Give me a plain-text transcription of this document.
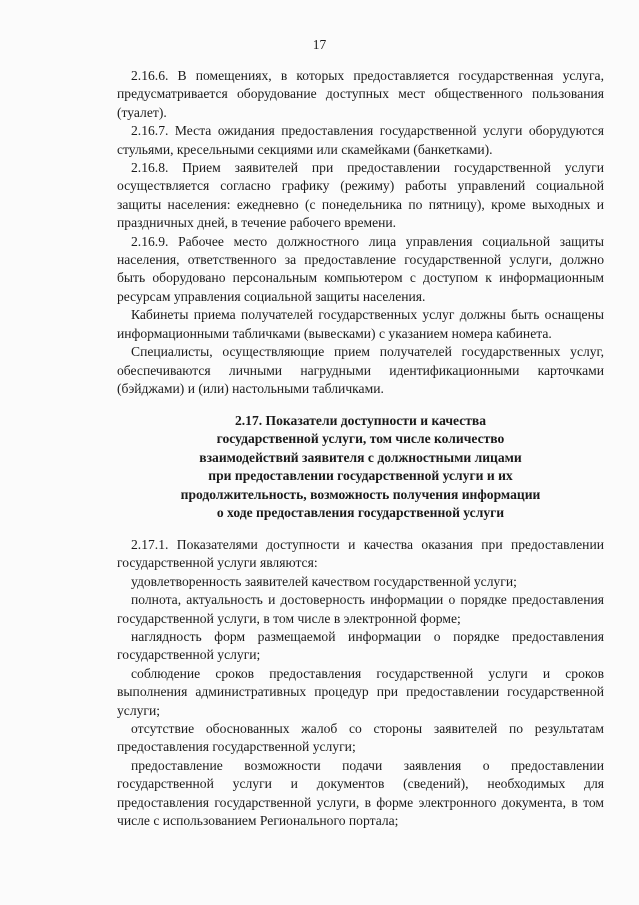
17

2.16.6. В помещениях, в которых предоставляется государственная услуга, предусматривается оборудование доступных мест общественного пользования (туалет).

2.16.7. Места ожидания предоставления государственной услуги оборудуются стульями, кресельными секциями или скамейками (банкетками).

2.16.8. Прием заявителей при предоставлении государственной услуги осуществляется согласно графику (режиму) работы управлений социальной защиты населения: ежедневно (с понедельника по пятницу), кроме выходных и праздничных дней, в течение рабочего времени.

2.16.9. Рабочее место должностного лица управления социальной защиты населения, ответственного за предоставление государственной услуги, должно быть оборудовано персональным компьютером с доступом к информационным ресурсам управления социальной защиты населения.

Кабинеты приема получателей государственных услуг должны быть оснащены информационными табличками (вывесками) с указанием номера кабинета.

Специалисты, осуществляющие прием получателей государственных услуг, обеспечиваются личными нагрудными идентификационными карточками (бэйджами) и (или) настольными табличками.

2.17. Показатели доступности и качества
государственной услуги, том числе количество
взаимодействий заявителя с должностными лицами
при предоставлении государственной услуги и их
продолжительность, возможность получения информации
о ходе предоставления государственной услуги

2.17.1. Показателями доступности и качества оказания при предоставлении государственной услуги являются:

удовлетворенность заявителей качеством государственной услуги;

полнота, актуальность и достоверность информации о порядке предоставления государственной услуги, в том числе в электронной форме;

наглядность форм размещаемой информации о порядке предоставления государственной услуги;

соблюдение сроков предоставления государственной услуги и сроков выполнения административных процедур при предоставлении государственной услуги;

отсутствие обоснованных жалоб со стороны заявителей по результатам предоставления государственной услуги;

предоставление возможности подачи заявления о предоставлении государственной услуги и документов (сведений), необходимых для предоставления государственной услуги, в форме электронного документа, в том числе с использованием Регионального портала;
